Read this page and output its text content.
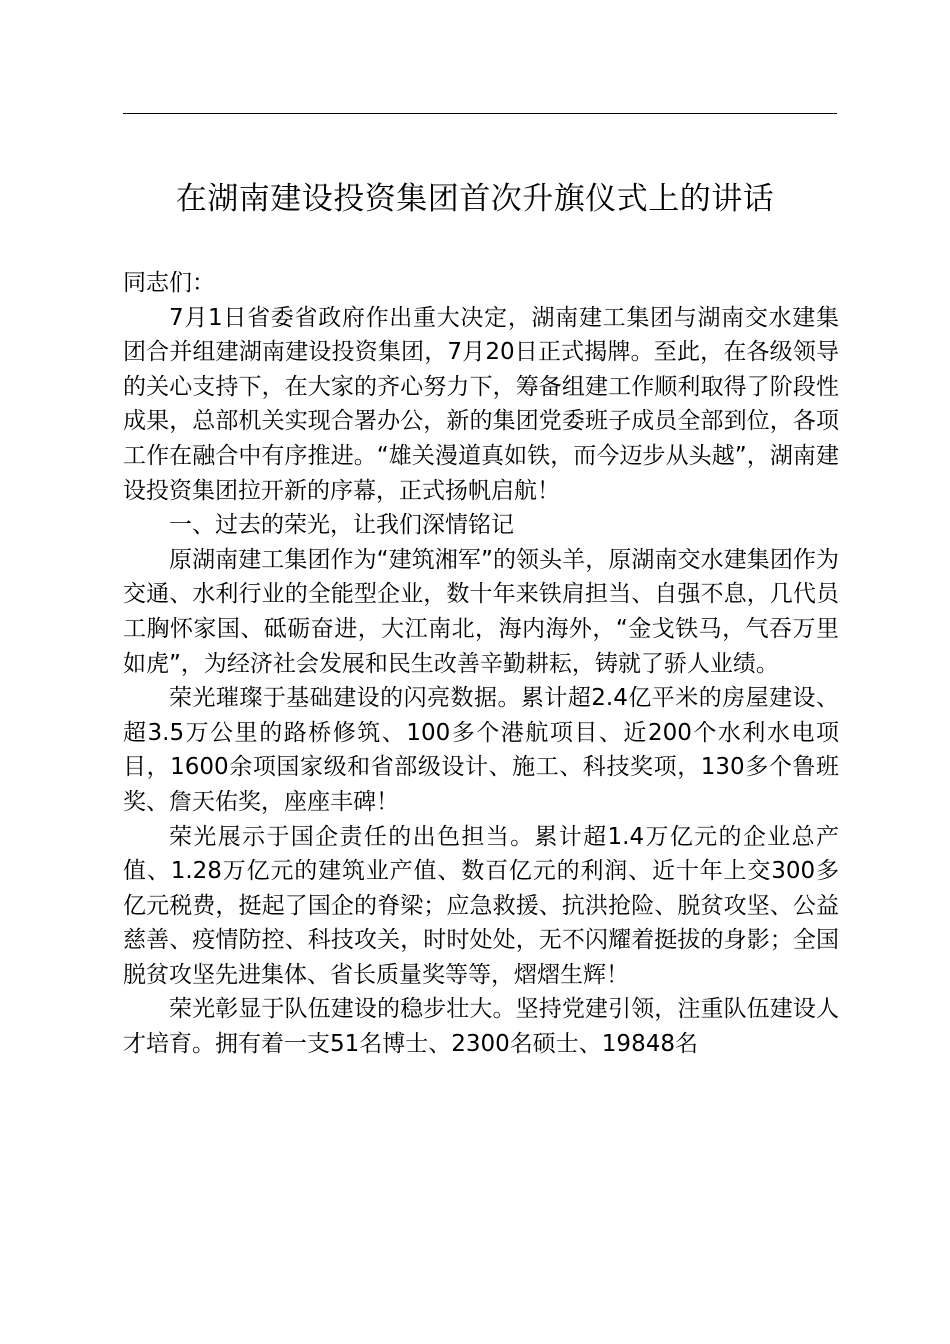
在湖南建设投资集团首次升旗仪式上的讲话

同志们：

7月1日省委省政府作出重大决定，湖南建工集团与湖南交水建集团合并组建湖南建设投资集团，7月20日正式揭牌。至此，在各级领导的关心支持下，在大家的齐心努力下，筹备组建工作顺利取得了阶段性成果，总部机关实现合署办公，新的集团党委班子成员全部到位，各项工作在融合中有序推进。“雄关漫道真如铁，而今迈步从头越”，湖南建设投资集团拉开新的序幕，正式扬帆启航！

一、过去的荣光，让我们深情铭记

原湖南建工集团作为“建筑湘军”的领头羊，原湖南交水建集团作为交通、水利行业的全能型企业，数十年来铁肩担当、自强不息，几代员工胸怀家国、砥砺奋进，大江南北，海内海外，“金戈铁马，气吞万里如虎”，为经济社会发展和民生改善辛勤耕耘，铸就了骄人业绩。

荣光璀璨于基础建设的闪亮数据。累计超2.4亿平米的房屋建设、超3.5万公里的路桥修筑、100多个港航项目、近200个水利水电项目，1600余项国家级和省部级设计、施工、科技奖项，130多个鲁班奖、詹天佑奖，座座丰碑！

荣光展示于国企责任的出色担当。累计超1.4万亿元的企业总产值、1.28万亿元的建筑业产值、数百亿元的利润、近十年上交300多亿元税费，挺起了国企的脊梁；应急救援、抗洪抢险、脱贫攻坚、公益慈善、疫情防控、科技攻关，时时处处，无不闪耀着挺拔的身影；全国脱贫攻坚先进集体、省长质量奖等等，熠熠生辉！

荣光彰显于队伍建设的稳步壮大。坚持党建引领，注重队伍建设人才培育。拥有着一支51名博士、2300名硕士、19848名
